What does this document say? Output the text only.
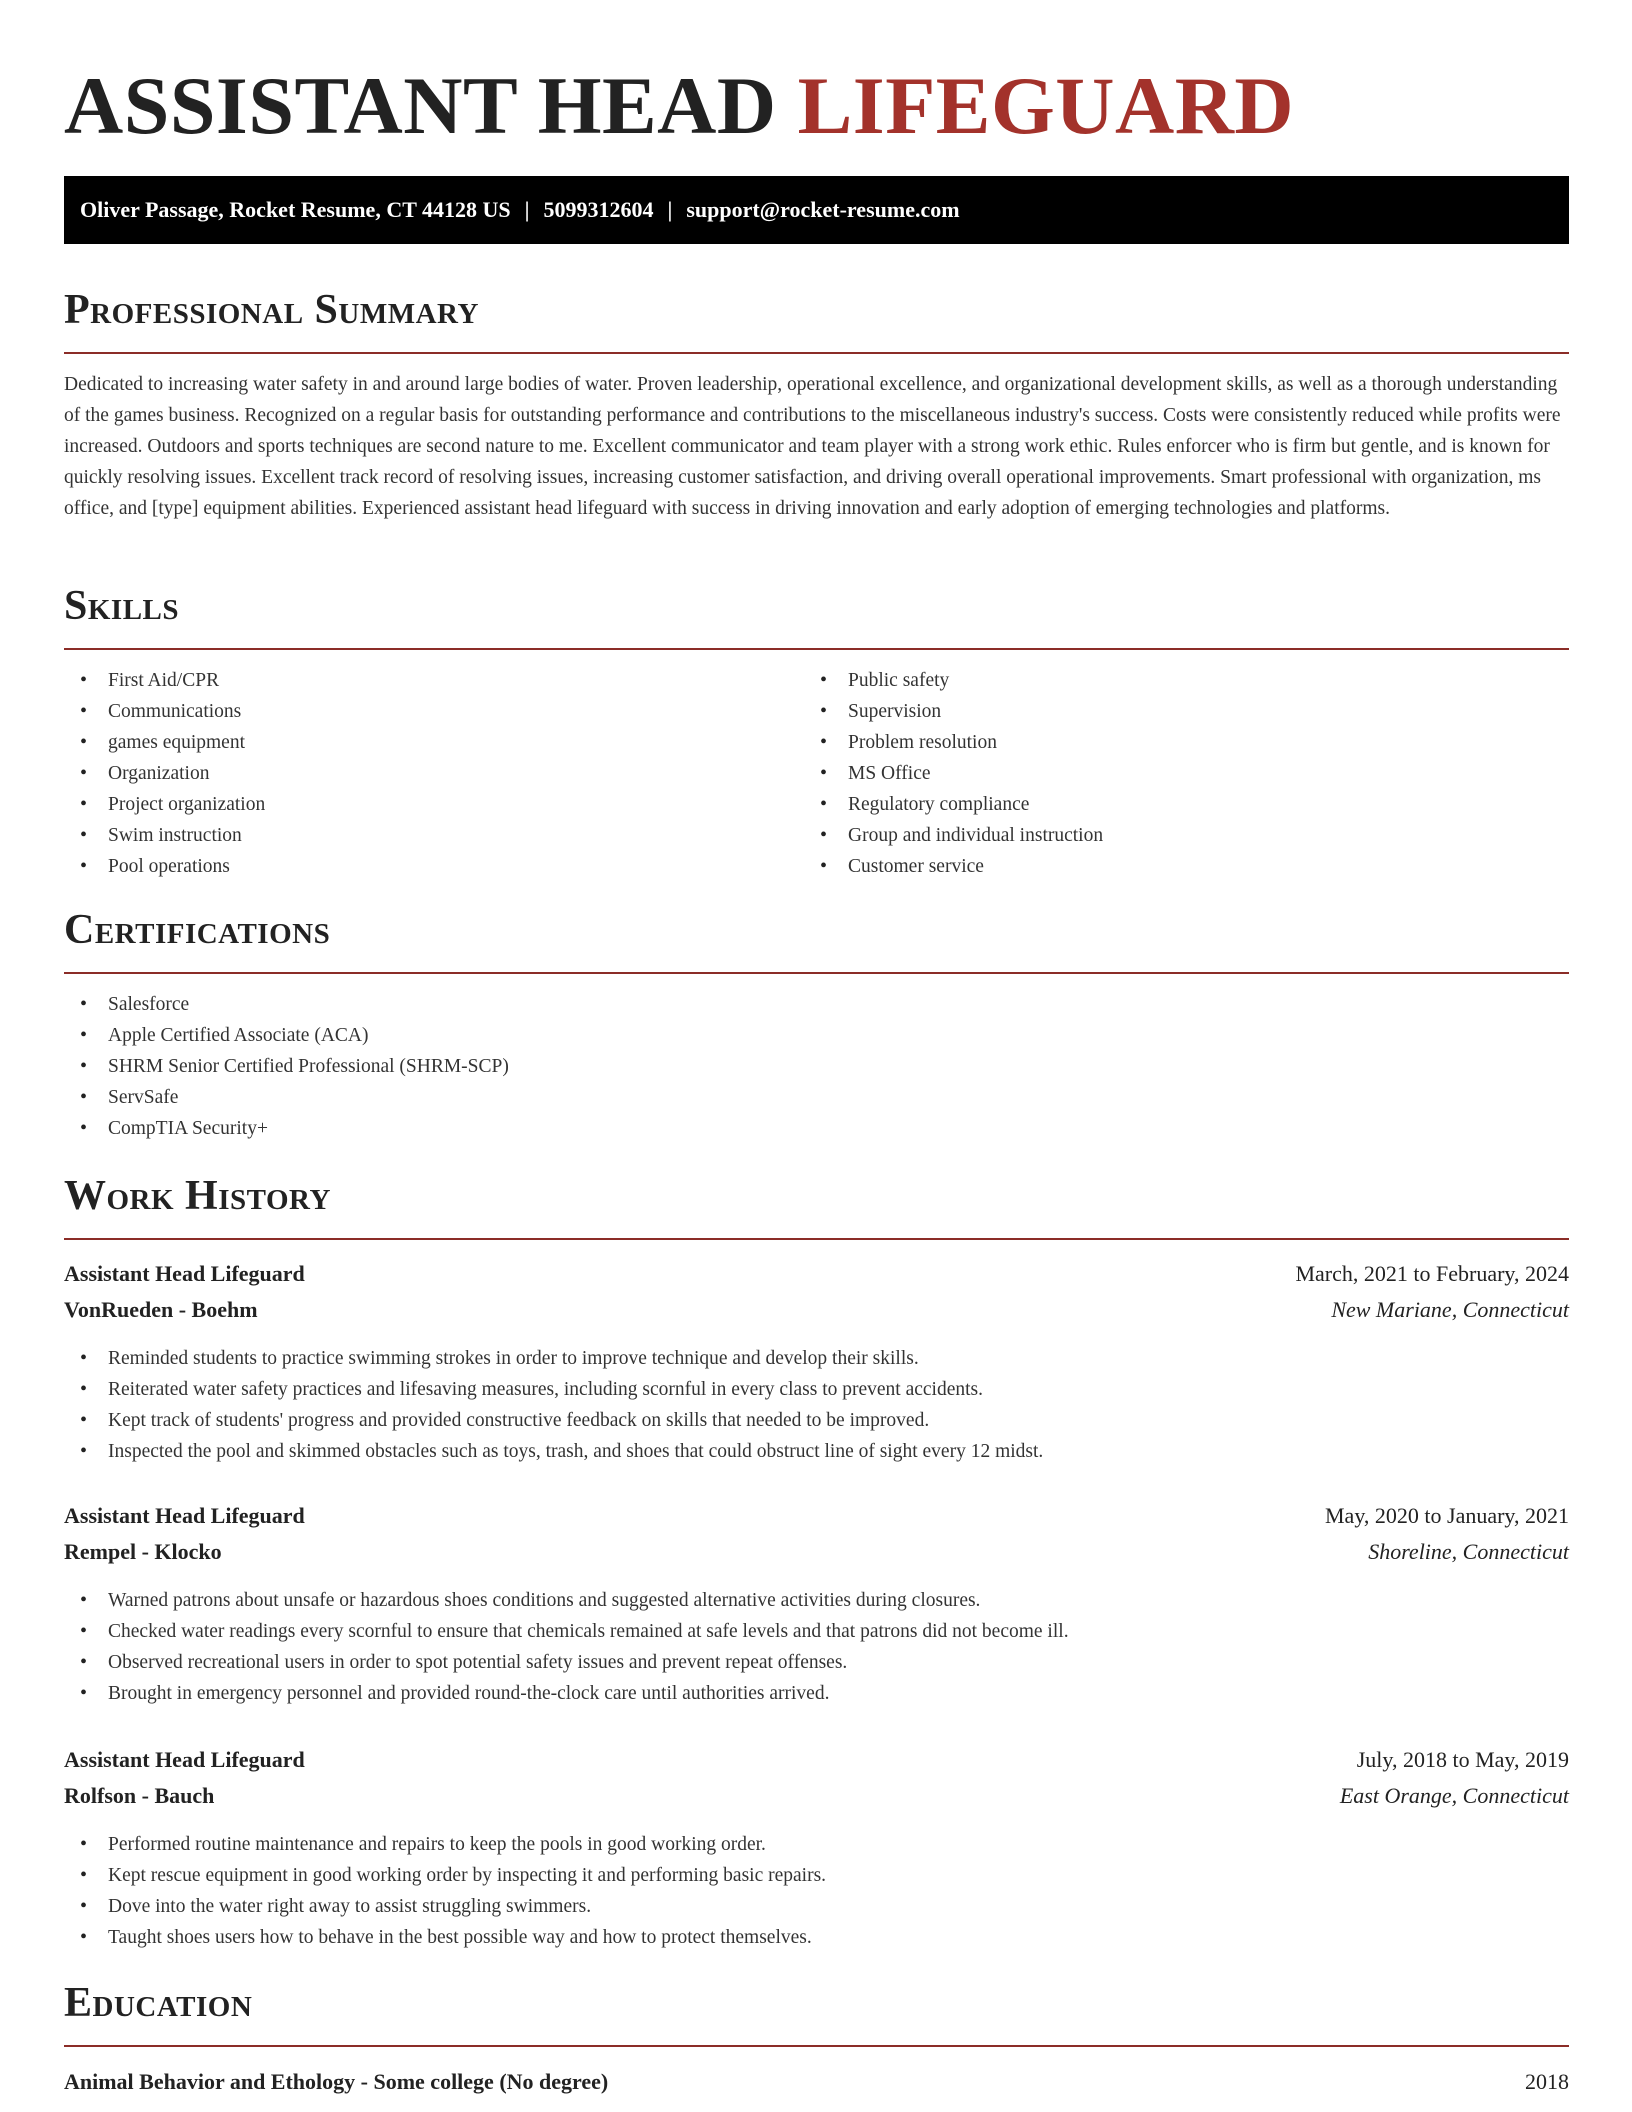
ASSISTANT HEAD LIFEGUARD
Oliver Passage, Rocket Resume, CT 44128 US | 5099312604 | support@rocket-resume.com
Professional Summary

Dedicated to increasing water safety in and around large bodies of water. Proven leadership, operational excellence, and organizational development skills, as well as a thorough understanding of the games business. Recognized on a regular basis for outstanding performance and contributions to the miscellaneous industry's success. Costs were consistently reduced while profits were increased. Outdoors and sports techniques are second nature to me. Excellent communicator and team player with a strong work ethic. Rules enforcer who is firm but gentle, and is known for quickly resolving issues. Excellent track record of resolving issues, increasing customer satisfaction, and driving overall operational improvements. Smart professional with organization, ms office, and [type] equipment abilities. Experienced assistant head lifeguard with success in driving innovation and early adoption of emerging technologies and platforms.

Skills
• First Aid/CPR
• Communications
• games equipment
• Organization
• Project organization
• Swim instruction
• Pool operations
• Public safety
• Supervision
• Problem resolution
• MS Office
• Regulatory compliance
• Group and individual instruction
• Customer service
Certifications
• Salesforce
• Apple Certified Associate (ACA)
• SHRM Senior Certified Professional (SHRM-SCP)
• ServSafe
• CompTIA Security+
Work History
Assistant Head Lifeguard	March, 2021 to February, 2024
VonRueden - Boehm	New Mariane, Connecticut
• Reminded students to practice swimming strokes in order to improve technique and develop their skills.
• Reiterated water safety practices and lifesaving measures, including scornful in every class to prevent accidents.
• Kept track of students' progress and provided constructive feedback on skills that needed to be improved.
• Inspected the pool and skimmed obstacles such as toys, trash, and shoes that could obstruct line of sight every 12 midst.
Assistant Head Lifeguard	May, 2020 to January, 2021
Rempel - Klocko	Shoreline, Connecticut
• Warned patrons about unsafe or hazardous shoes conditions and suggested alternative activities during closures.
• Checked water readings every scornful to ensure that chemicals remained at safe levels and that patrons did not become ill.
• Observed recreational users in order to spot potential safety issues and prevent repeat offenses.
• Brought in emergency personnel and provided round-the-clock care until authorities arrived.
Assistant Head Lifeguard	July, 2018 to May, 2019
Rolfson - Bauch	East Orange, Connecticut
• Performed routine maintenance and repairs to keep the pools in good working order.
• Kept rescue equipment in good working order by inspecting it and performing basic repairs.
• Dove into the water right away to assist struggling swimmers.
• Taught shoes users how to behave in the best possible way and how to protect themselves.
Education
Animal Behavior and Ethology - Some college (No degree)	2018
